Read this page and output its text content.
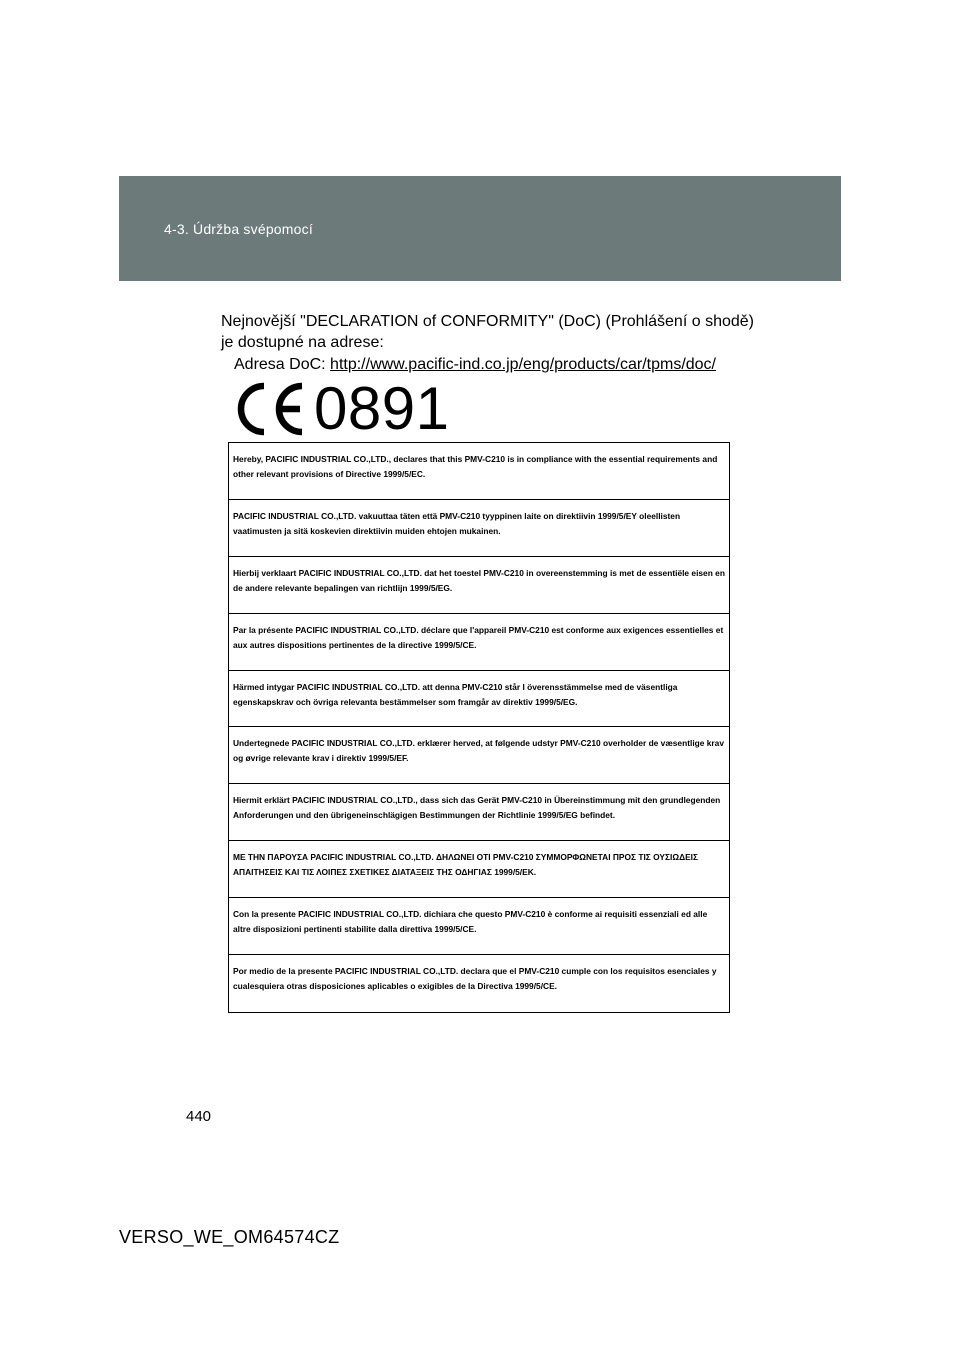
4-3. Údržba svépomocí
Nejnovější "DECLARATION of CONFORMITY" (DoC) (Prohlášení o shodě) je dostupné na adrese:
Adresa DoC: http://www.pacific-ind.co.jp/eng/products/car/tpms/doc/
0891
Hereby, PACIFIC INDUSTRIAL CO.,LTD., declares that this PMV-C210 is in compliance with the essential requirements and other relevant provisions of Directive 1999/5/EC.
PACIFIC INDUSTRIAL CO.,LTD. vakuuttaa täten että PMV-C210 tyyppinen laite on direktiivin 1999/5/EY oleellisten vaatimusten ja sitä koskevien direktiivin muiden ehtojen mukainen.
Hierbij verklaart PACIFIC INDUSTRIAL CO.,LTD. dat het toestel PMV-C210 in overeenstemming is met de essentiële eisen en de andere relevante bepalingen van richtlijn 1999/5/EG.
Par la présente PACIFIC INDUSTRIAL CO.,LTD. déclare que l'appareil PMV-C210 est conforme aux exigences essentielles et aux autres dispositions pertinentes de la directive 1999/5/CE.
Härmed intygar PACIFIC INDUSTRIAL CO.,LTD. att denna PMV-C210 står I överensstämmelse med de väsentliga egenskapskrav och övriga relevanta bestämmelser som framgår av direktiv 1999/5/EG.
Undertegnede PACIFIC INDUSTRIAL CO.,LTD. erklærer herved, at følgende udstyr PMV-C210 overholder de væsentlige krav og øvrige relevante krav i direktiv 1999/5/EF.
Hiermit erklärt PACIFIC INDUSTRIAL CO.,LTD., dass sich das Gerät PMV-C210 in Übereinstimmung mit den grundlegenden Anforderungen und den übrigeneinschlägigen Bestimmungen der Richtlinie 1999/5/EG befindet.
ΜΕ ΤΗΝ ΠΑΡΟΥΣΑ PACIFIC INDUSTRIAL CO.,LTD. ΔΗΛΩΝΕΙ ΟΤΙ PMV-C210 ΣΥΜΜΟΡΦΩΝΕΤΑΙ ΠΡΟΣ ΤΙΣ ΟΥΣΙΩΔΕΙΣ ΑΠΑΙΤΗΣΕΙΣ ΚΑΙ ΤΙΣ ΛΟΙΠΕΣ ΣΧΕΤΙΚΕΣ ΔΙΑΤΑΞΕΙΣ ΤΗΣ ΟΔΗΓΙΑΣ 1999/5/ΕΚ.
Con la presente PACIFIC INDUSTRIAL CO.,LTD. dichiara che questo PMV-C210 è conforme ai requisiti essenziali ed alle altre disposizioni pertinenti stabilite dalla direttiva 1999/5/CE.
Por medio de la presente PACIFIC INDUSTRIAL CO.,LTD. declara que el PMV-C210 cumple con los requisitos esenciales y cualesquiera otras disposiciones aplicables o exigibles de la Directiva 1999/5/CE.
440
VERSO_WE_OM64574CZ
